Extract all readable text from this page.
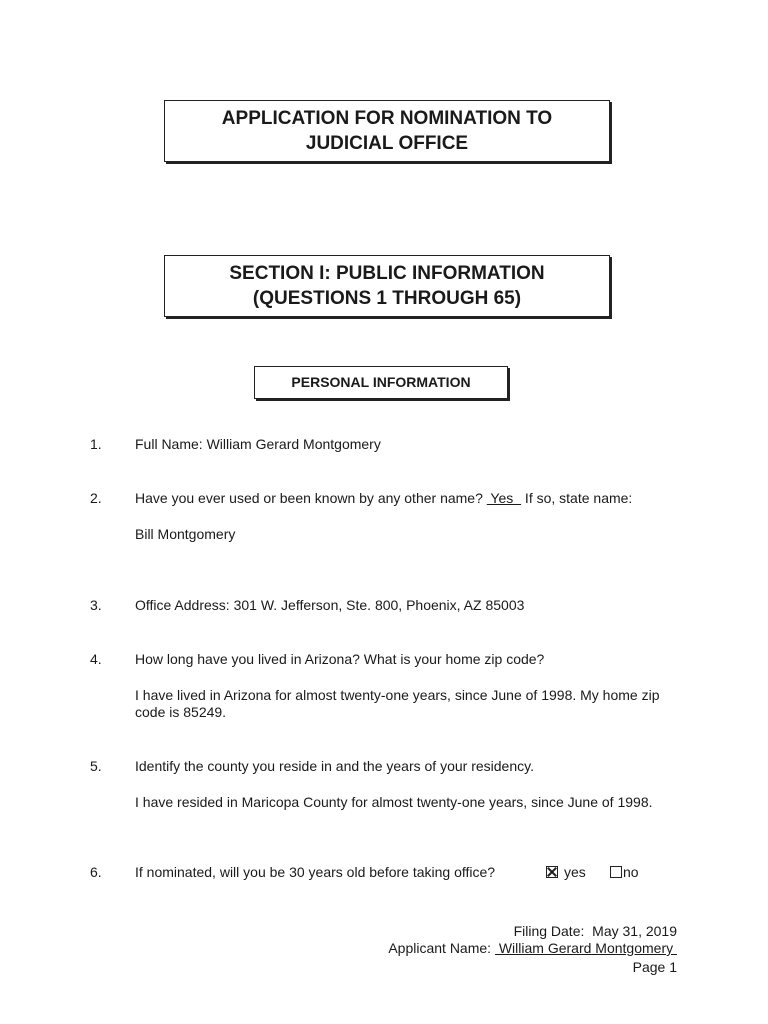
APPLICATION FOR NOMINATION TO
JUDICIAL OFFICE
SECTION I: PUBLIC INFORMATION
(QUESTIONS 1 THROUGH 65)
PERSONAL INFORMATION
1. Full Name: William Gerard Montgomery
2. Have you ever used or been known by any other name?  Yes   If so, state name:
Bill Montgomery
3. Office Address: 301 W. Jefferson, Ste. 800, Phoenix, AZ 85003
4. How long have you lived in Arizona? What is your home zip code?
I have lived in Arizona for almost twenty-one years, since June of 1998. My home zip code is 85249.
5. Identify the county you reside in and the years of your residency.
I have resided in Maricopa County for almost twenty-one years, since June of 1998.
6. If nominated, will you be 30 years old before taking office?	yes	no
Filing Date: May 31, 2019
Applicant Name:  William Gerard Montgomery
Page 1
